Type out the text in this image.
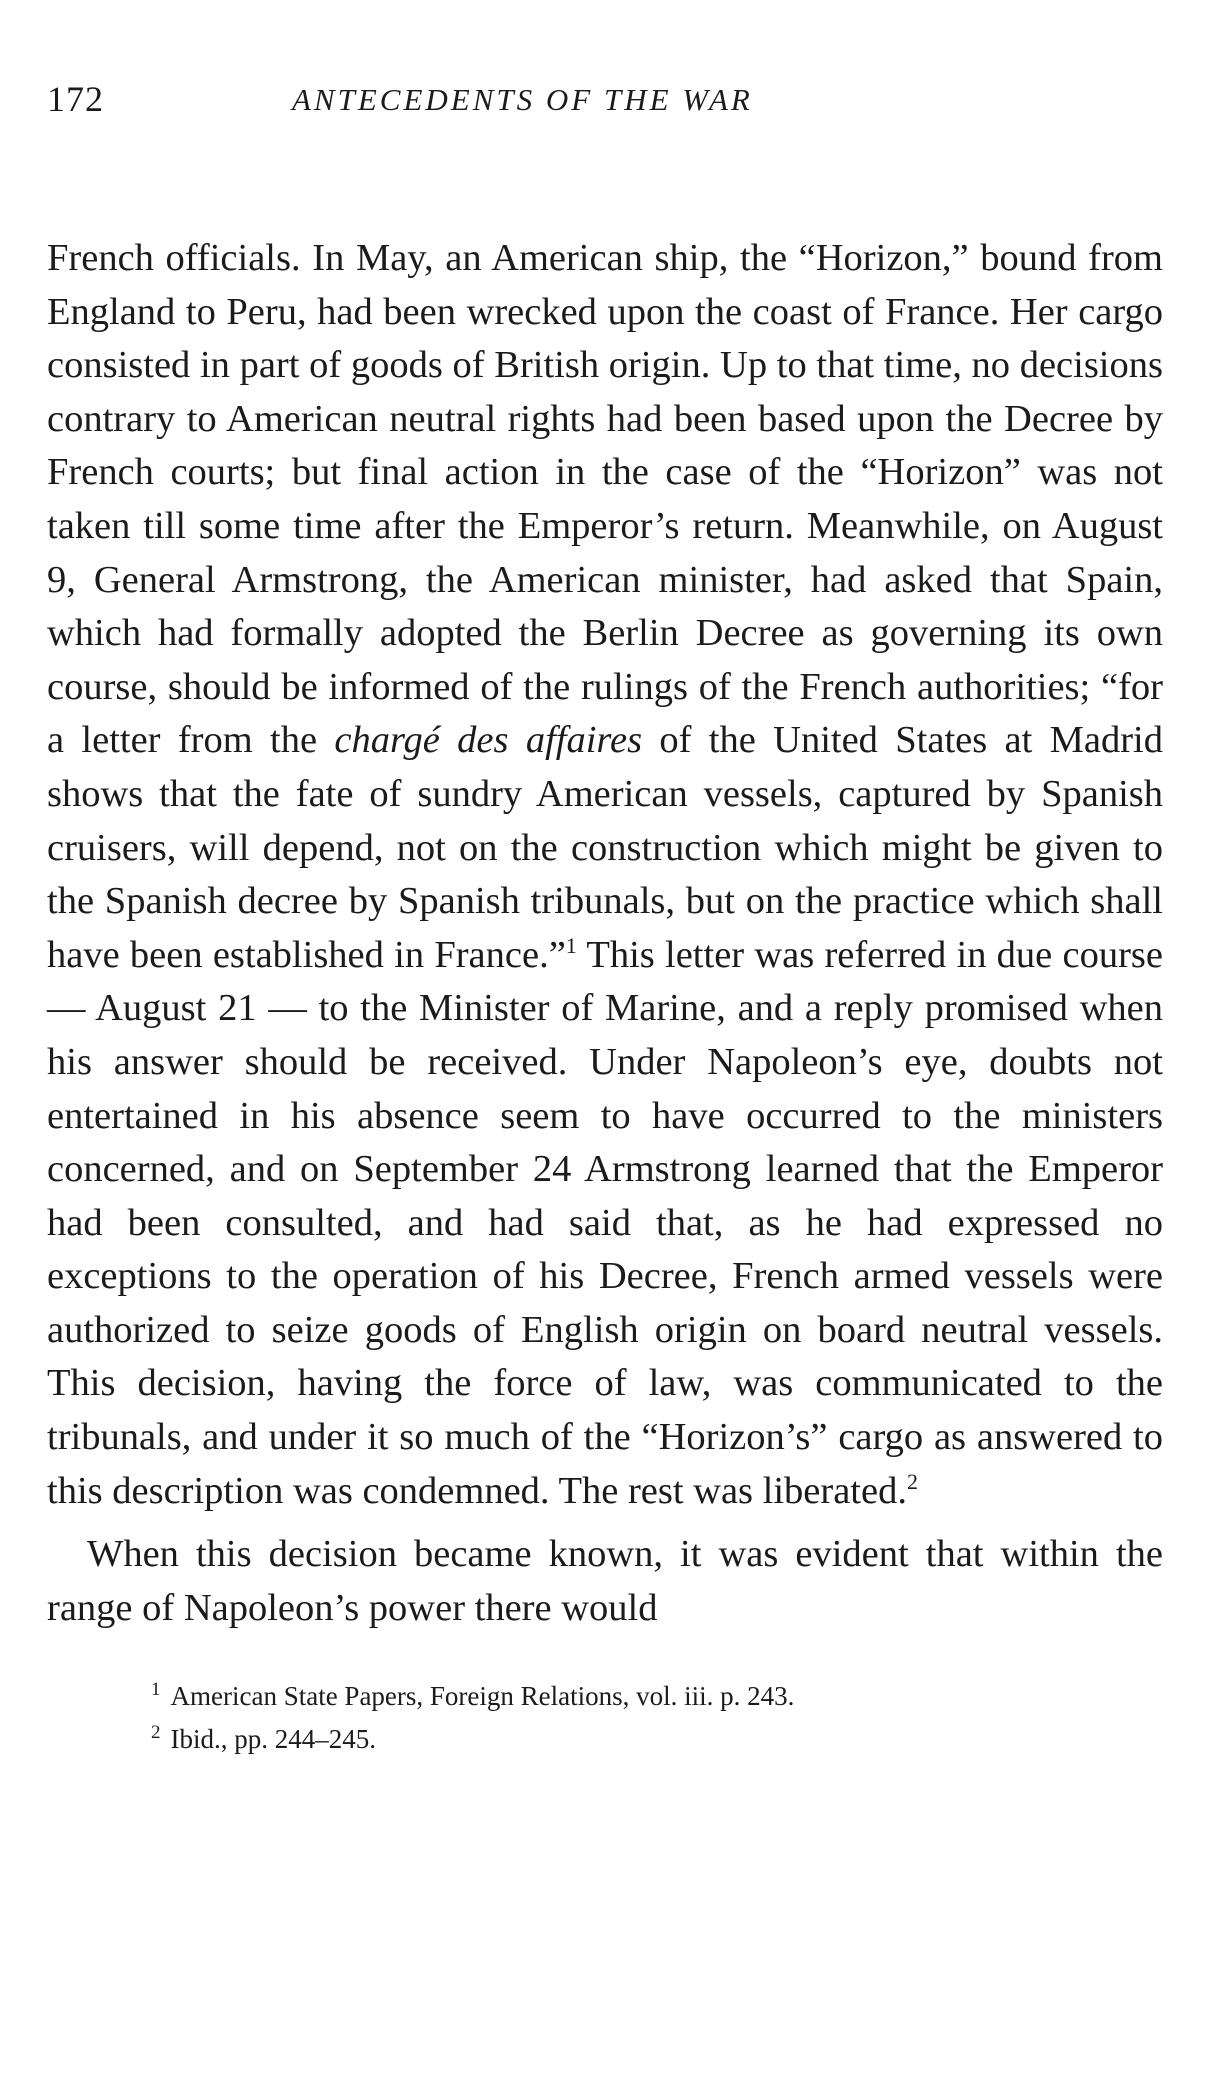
172	ANTECEDENTS OF THE WAR

French officials. In May, an American ship, the “Horizon,” bound from England to Peru, had been wrecked upon the coast of France. Her cargo consisted in part of goods of British origin. Up to that time, no decisions contrary to American neutral rights had been based upon the Decree by French courts; but final action in the case of the “Horizon” was not taken till some time after the Emperor’s return. Meanwhile, on August 9, General Armstrong, the American minister, had asked that Spain, which had formally adopted the Berlin Decree as governing its own course, should be informed of the rulings of the French authorities; “for a letter from the chargé des affaires of the United States at Madrid shows that the fate of sundry American vessels, captured by Spanish cruisers, will depend, not on the construction which might be given to the Spanish decree by Spanish tribunals, but on the practice which shall have been established in France.”$^1$ This letter was referred in due course — August 21 — to the Minister of Marine, and a reply promised when his answer should be received. Under Napoleon’s eye, doubts not entertained in his absence seem to have occurred to the ministers concerned, and on September 24 Armstrong learned that the Emperor had been consulted, and had said that, as he had expressed no exceptions to the operation of his Decree, French armed vessels were authorized to seize goods of English origin on board neutral vessels. This decision, having the force of law, was communicated to the tribunals, and under it so much of the “Horizon’s” cargo as answered to this description was condemned. The rest was liberated.$^2$

When this decision became known, it was evident that within the range of Napoleon’s power there would

$^1$ American State Papers, Foreign Relations, vol. iii. p. 243.
$^2$ Ibid., pp. 244–245.
